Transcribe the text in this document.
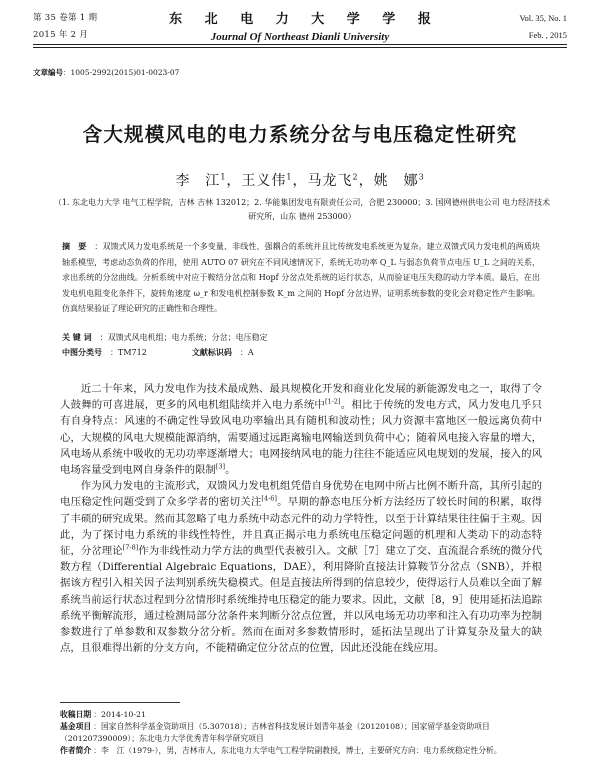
第 35 卷第 1 期
2015 年 2 月
东 北 电 力 大 学 学 报
Journal Of Northeast Dianli University
Vol. 35, No. 1
Feb. , 2015
文章编号：1005-2992(2015)01-0023-07
含大规模风电的电力系统分岔与电压稳定性研究
李　江$^1$，王义伟$^1$，马龙飞$^2$，姚　娜$^3$
（1. 东北电力大学 电气工程学院，吉林 吉林 132012；2. 华能集团发电有限责任公司，合肥 230000；3. 国网德州供电公司 电力经济技术研究所，山东 德州 253000）
摘　要 ：双馈式风力发电系统是一个多变量、非线性、强耦合的系统并且比传统发电系统更为复杂。建立双馈式风力发电机的两质块轴系模型，考虑动态负荷的作用，使用 AUTO 07 研究在不同风速情况下，系统无功功率 Q_L 与弱态负荷节点电压 U_L 之间的关系，求出系统的分岔曲线。分析系统中对应于鞍结分岔点和 Hopf 分岔点处系统的运行状态，从而验证电压失稳的动力学本质。最后，在出发电机电阻变化条件下，旋转角速度 ω_r 和发电机控制参数 K_m 之间的 Hopf 分岔边界，证明系统参数的变化会对稳定性产生影响。仿真结果验证了理论研究的正确性和合理性。
关 键 词 ：双馈式风电机组；电力系统；分岔；电压稳定
中图分类号 ：TM712	文献标识码 ：A

近二十年来，风力发电作为技术最成熟、最具规模化开发和商业化发展的新能源发电之一，取得了令人鼓舞的可喜进展，更多的风电机组陆续并入电力系统中[1-2]。相比于传统的发电方式，风力发电几乎只有自身特点：风速的不确定性导致风电功率输出具有随机和波动性；风力资源丰富地区一般远离负荷中心，大规模的风电大规模能源消纳，需要通过远距离输电网输送到负荷中心；随着风电接入容量的增大，风电场从系统中吸收的无功功率逐渐增大；电网接纳风电的能力往往不能适应风电规划的发展，接入的风电场容量受到电网自身条件的限制[3]。

作为风力发电的主流形式，双馈风力发电机组凭借自身优势在电网中所占比例不断升高，其所引起的电压稳定性问题受到了众多学者的密切关注[4-6]。早期的静态电压分析方法经历了较长时间的积累，取得了丰硕的研究成果。然而其忽略了电力系统中动态元件的动力学特性，以至于计算结果往往偏于主观。因此，为了探讨电力系统的非线性特性，并且真正揭示电力系统电压稳定问题的机理和人类动下的动态特征，分岔理论[7-8]作为非线性动力学方法的典型代表被引入。文献［7］建立了交、直流混合系统的微分代数方程（Differential Algebraic Equations，DAE），利用降阶直接法计算鞍节分岔点（SNB），并根据该方程引入相关因子法判别系统失稳模式。但是直接法所得到的信息较少，使得运行人员难以全面了解系统当前运行状态过程到分岔情形时系统维持电压稳定的能力要求。因此，文献［8，9］使用延拓法追踪系统平衡解流形，通过检测局部分岔条件来判断分岔点位置，并以风电场无功功率和注入有功功率为控制参数进行了单参数和双参数分岔分析。然而在面对多参数情形时，延拓法呈现出了计算复杂及量大的缺点，且很难得出新的分支方向，不能精确定位分岔点的位置，因此还没能在线应用。

收稿日期 ：2014-10-21
基金项目 ：国家自然科学基金资助项目（5.307018）；吉林省科技发展计划青年基金（20120108）；国家留学基金资助项目（201207390009）；东北电力大学优秀青年科学研究项目
作者简介 ：李　江（1979-），男，吉林市人，东北电力大学电气工程学院副教授，博士，主要研究方向：电力系统稳定性分析。
